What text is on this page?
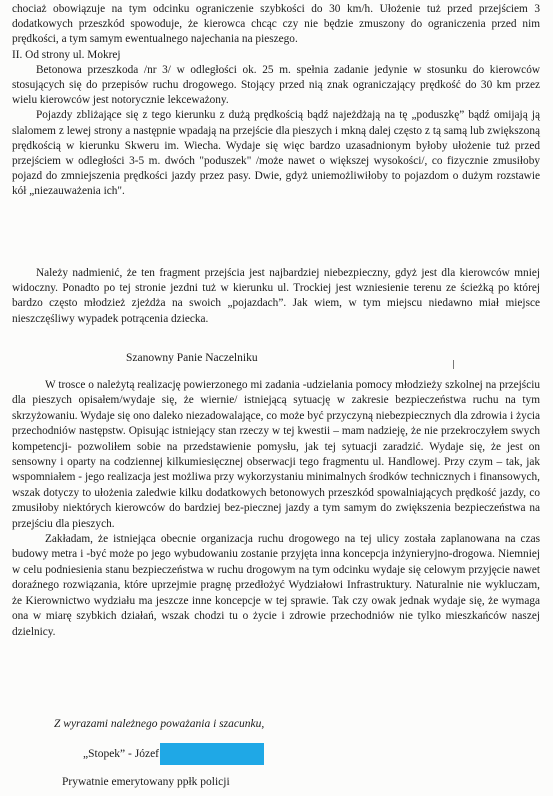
chociaż obowiązuje na tym odcinku ograniczenie szybkości do 30 km/h. Ułożenie tuż przed przejściem 3 dodatkowych przeszkód spowoduje, że kierowca chcąc czy nie będzie zmuszony do ograniczenia przed nim prędkości, a tym samym ewentualnego najechania na pieszego.

II. Od strony ul. Mokrej

Betonowa przeszkoda /nr 3/ w odległości ok. 25 m. spełnia zadanie jedynie w stosunku do kierowców stosujących się do przepisów ruchu drogowego. Stojący przed nią znak ograniczający prędkość do 30 km przez wielu kierowców jest notorycznie lekceważony.

Pojazdy zbliżające się z tego kierunku z dużą prędkością bądź najeżdżają na tę „poduszkę” bądź omijają ją slalomem z lewej strony a następnie wpadają na przejście dla pieszych i mkną dalej często z tą samą lub zwiększoną prędkością w kierunku Skweru im. Wiecha. Wydaje się więc bardzo uzasadnionym byłoby ułożenie tuż przed przejściem w odległości 3-5 m. dwóch "poduszek" /może nawet o większej wysokości/, co fizycznie zmusiłoby pojazd do zmniejszenia prędkości jazdy przez pasy. Dwie, gdyż uniemożliwiłoby to pojazdom o dużym rozstawie kół „niezauważenia ich".

Należy nadmienić, że ten fragment przejścia jest najbardziej niebezpieczny, gdyż jest dla kierowców mniej widoczny. Ponadto po tej stronie jezdni tuż w kierunku ul. Trockiej jest wzniesienie terenu ze ścieżką po której bardzo często młodzież zjeżdża na swoich „pojazdach”. Jak wiem, w tym miejscu niedawno miał miejsce nieszczęśliwy wypadek potrącenia dziecka.

Szanowny Panie Naczelniku

W trosce o należytą realizację powierzonego mi zadania -udzielania pomocy młodzieży szkolnej na przejściu dla pieszych opisałem/wydaje się, że wiernie/ istniejącą sytuację w zakresie bezpieczeństwa ruchu na tym skrzyżowaniu. Wydaje się ono daleko niezadowalające, co może być przyczyną niebezpiecznych dla zdrowia i życia przechodniów następstw. Opisując istniejący stan rzeczy w tej kwestii – mam nadzieję, że nie przekroczyłem swych kompetencji- pozwoliłem sobie na przedstawienie pomysłu, jak tej sytuacji zaradzić. Wydaje się, że jest on sensowny i oparty na codziennej kilkumiesięcznej obserwacji tego fragmentu ul. Handlowej. Przy czym – tak, jak wspomniałem - jego realizacja jest możliwa przy wykorzystaniu minimalnych środków technicznych i finansowych, wszak dotyczy to ułożenia zaledwie kilku dodatkowych betonowych przeszkód spowalniających prędkość jazdy, co zmusiłoby niektórych kierowców do bardziej bez-piecznej jazdy a tym samym do zwiększenia bezpieczeństwa na przejściu dla pieszych.

Zakładam, że istniejąca obecnie organizacja ruchu drogowego na tej ulicy została zaplanowana na czas budowy metra i -być może po jego wybudowaniu zostanie przyjęta inna koncepcja inżynieryjno-drogowa. Niemniej w celu podniesienia stanu bezpieczeństwa w ruchu drogowym na tym odcinku wydaje się celowym przyjęcie nawet doraźnego rozwiązania, które uprzejmie pragnę przedłożyć Wydziałowi Infrastruktury. Naturalnie nie wykluczam, że Kierownictwo wydziału ma jeszcze inne koncepcje w tej sprawie. Tak czy owak jednak wydaje się, że wymaga ona w miarę szybkich działań, wszak chodzi tu o życie i zdrowie przechodniów nie tylko mieszkańców naszej dzielnicy.

Z wyrazami należnego poważania i szacunku,
„Stopek” - Józef
Prywatnie emerytowany ppłk policji
